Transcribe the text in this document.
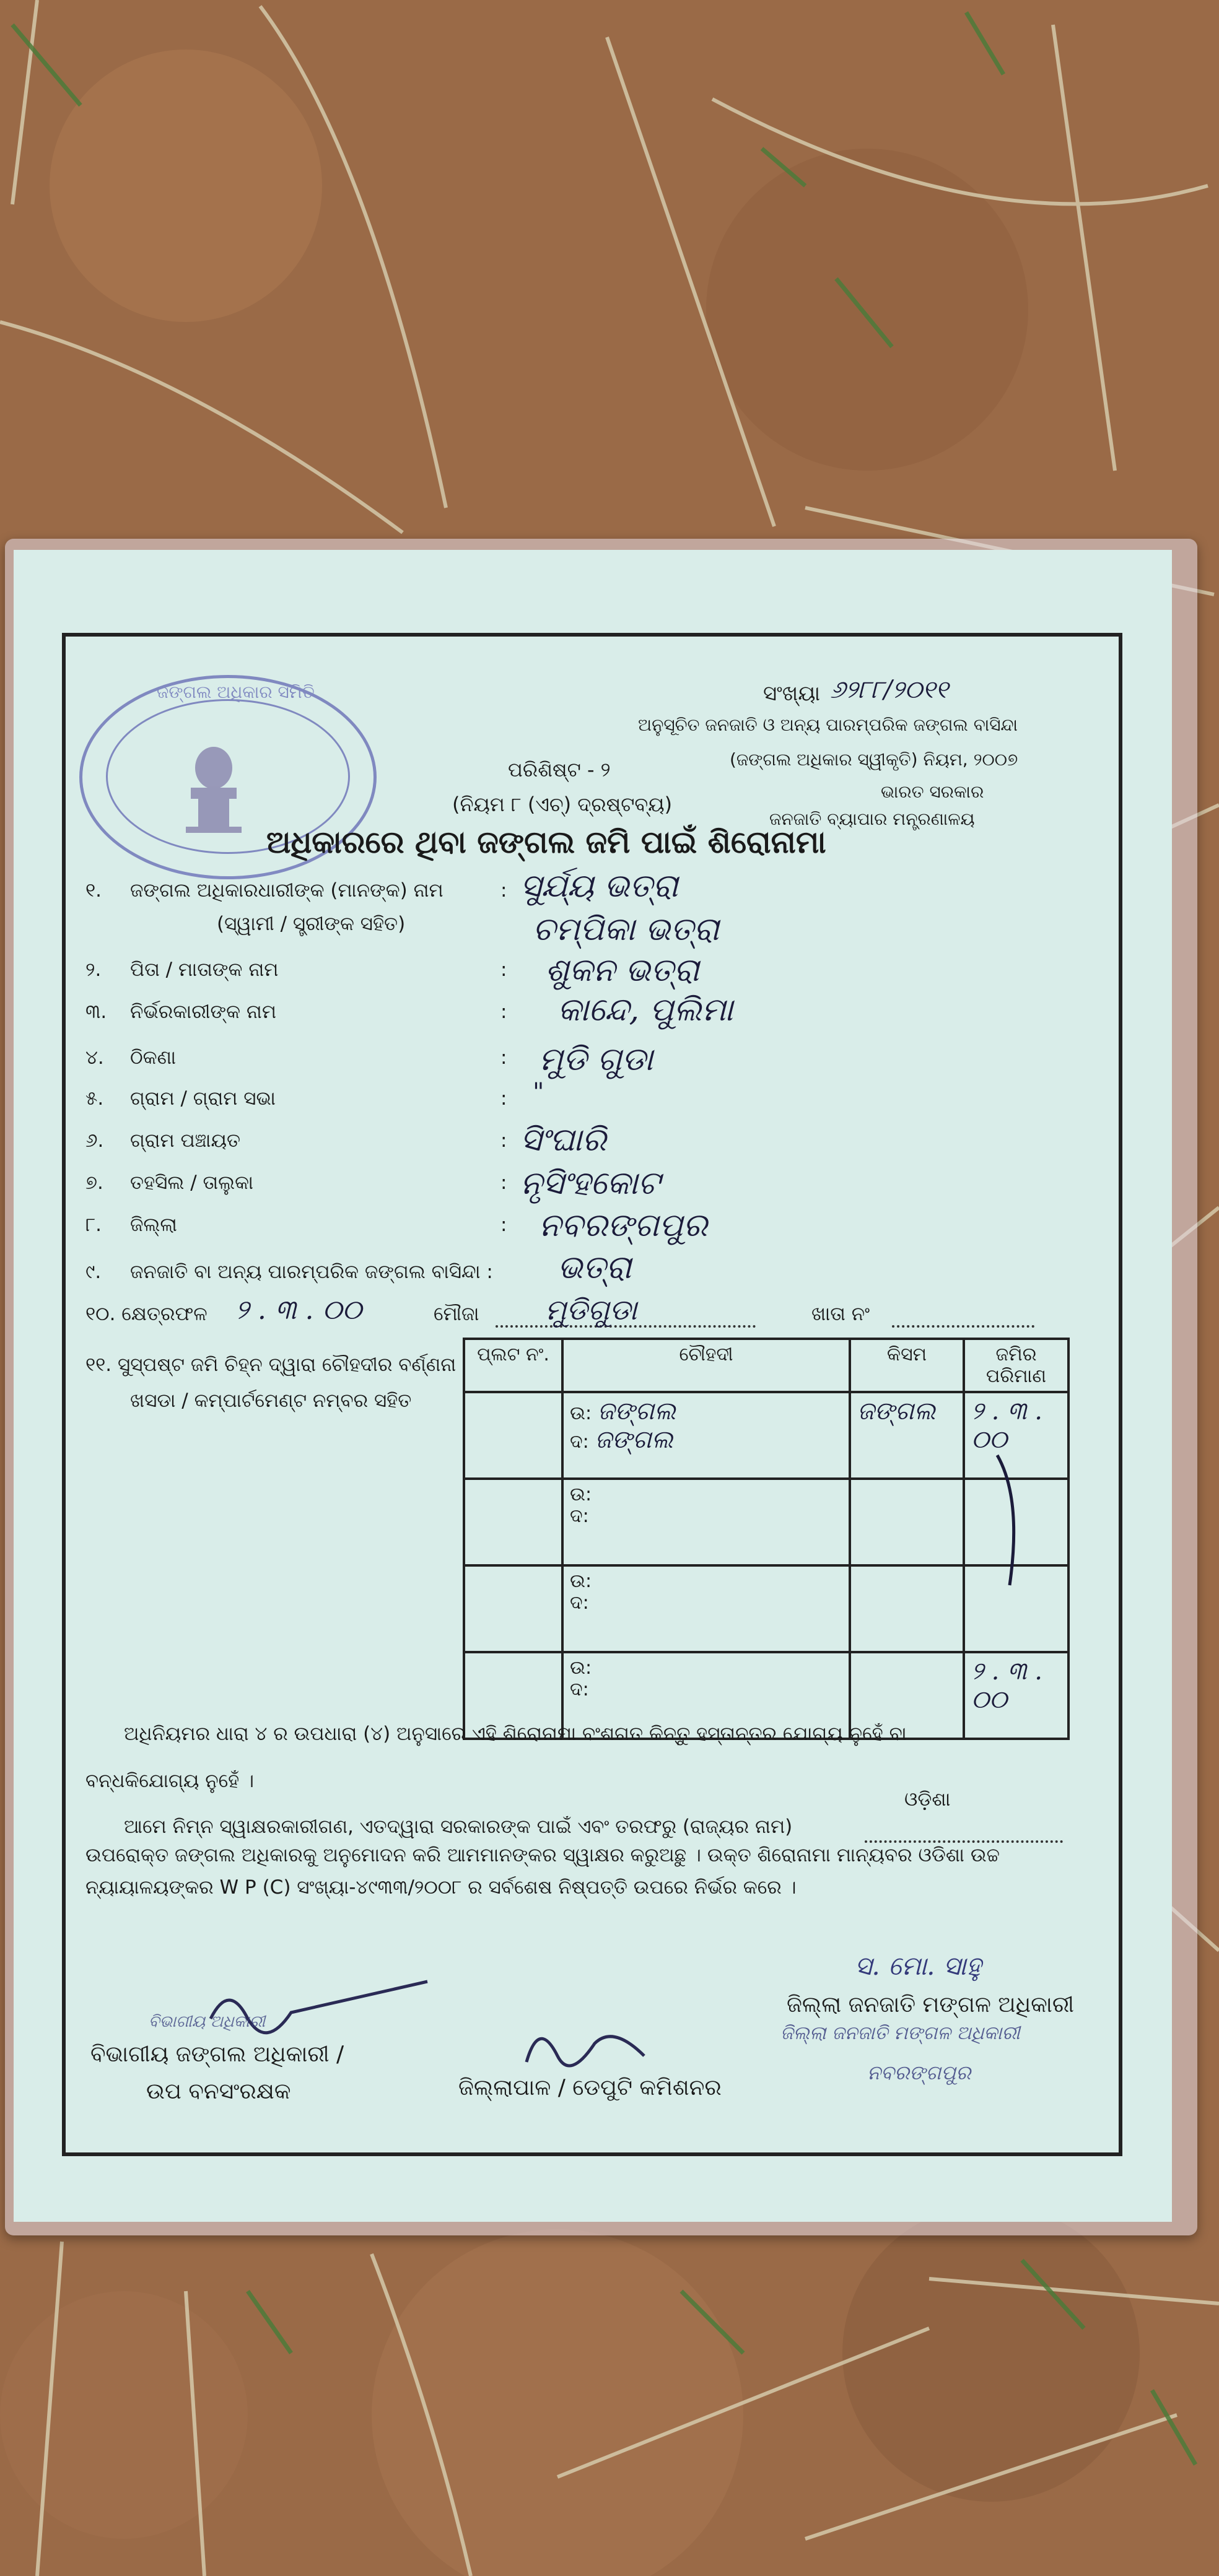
ଜଙ୍ଗଲ ଅଧିକାର ସମିତି	ସଂଖ୍ୟା ୬୨୮୮/୨୦୧୧
ଅନୁସୂଚିତ ଜନଜାତି ଓ ଅନ୍ୟ ପାରମ୍ପରିକ ଜଙ୍ଗଲ ବାସିନ୍ଦା
(ଜଙ୍ଗଲ ଅଧିକାର ସ୍ୱୀକୃତି) ନିୟମ, ୨୦୦୭
ଭାରତ ସରକାର
ଜନଜାତି ବ୍ୟାପାର ମନ୍ତ୍ରଣାଳୟ
ପରିଶିଷ୍ଟ - ୨
(ନିୟମ ୮ (ଏଚ୍) ଦ୍ରଷ୍ଟବ୍ୟ)
ଅଧିକାରରେ ଥିବା ଜଙ୍ଗଲ ଜମି ପାଇଁ ଶିରୋନାମା
୧. ଜଙ୍ଗଲ ଅଧିକାରଧାରୀଙ୍କ (ମାନଙ୍କ) ନାମ
(ସ୍ୱାମୀ / ସ୍ତ୍ରୀଙ୍କ ସହିତ)
: ସୁର୍ଯ୍ୟ ଭତ୍ରା
ଚମ୍ପିକା ଭତ୍ରା
୨. ପିତା / ମାତାଙ୍କ ନାମ	: ଶୁକନ ଭତ୍ରା
୩. ନିର୍ଭରକାରୀଙ୍କ ନାମ	: କାନ୍ଦେ, ପୁଲିମା
୪. ଠିକଣା	: ମୁଡି ଗୁଡା
୫. ଗ୍ରାମ / ଗ୍ରାମ ସଭା	: "
୬. ଗ୍ରାମ ପଞ୍ଚାୟତ	: ସିଂଘାରି
୭. ତହସିଲ / ତାଲୁକା	: ନୃସିଂହକୋଟ
୮. ଜିଲ୍ଲା	: ନବରଙ୍ଗପୁର
୯. ଜନଜାତି ବା ଅନ୍ୟ ପାରମ୍ପରିକ ଜଙ୍ଗଲ ବାସିନ୍ଦା : ଭତ୍ରା
୧୦. କ୍ଷେତ୍ରଫଳ ୨ . ୩ . ୦୦	ମୌଜା ମୁଡିଗୁଡା	ଖାତା ନଂ
୧୧. ସୁସ୍ପଷ୍ଟ ଜମି ଚିହ୍ନ ଦ୍ୱାରା ଚୌହଦୀର ବର୍ଣ୍ଣନା
ଖସଡା / କମ୍ପାର୍ଟମେଣ୍ଟ ନମ୍ବର ସହିତ
ପ୍ଲଟ ନଂ.	ଚୌହଦୀ	କିସମ	ଜମିର ପରିମାଣ

	ଉ: ଜଙ୍ଗଲ
ଦ: ଜଙ୍ଗଲ	ଜଙ୍ଗଲ	୨ . ୩ . ୦୦

	ଉ:
ଦ:		

	ଉ:
ଦ:		

	ଉ:
ଦ:		୨ . ୩ . ୦୦
ଅଧିନିୟମର ଧାରା ୪ ର ଉପଧାରା (୪) ଅନୁସାରେ ଏହି ଶିରୋନାମା ବଂଶଗତ କିନ୍ତୁ ହସ୍ତାନ୍ତର ଯୋଗ୍ୟ ନୁହେଁ ବା
ବନ୍ଧକିଯୋଗ୍ୟ ନୁହେଁ ।
ଆମେ ନିମ୍ନ ସ୍ୱାକ୍ଷରକାରୀଗଣ, ଏତଦ୍ୱାରା ସରକାରଙ୍କ ପାଇଁ ଏବଂ ତରଫରୁ (ରାଜ୍ୟର ନାମ)
ଓଡ଼ିଶା
ଉପରୋକ୍ତ ଜଙ୍ଗଲ ଅଧିକାରକୁ ଅନୁମୋଦନ କରି ଆମମାନଙ୍କର ସ୍ୱାକ୍ଷର କରୁଅଛୁ । ଉକ୍ତ ଶିରୋନାମା ମାନ୍ୟବର ଓଡିଶା ଉଚ୍ଚ
ନ୍ୟାୟାଳୟଙ୍କର W P (C) ସଂଖ୍ୟା-୪୯୩୩/୨୦୦୮ ର ସର୍ବଶେଷ ନିଷ୍ପତ୍ତି ଉପରେ ନିର୍ଭର କରେ ।
ବିଭାଗୀୟ ଅଧିକାରୀ
ବିଭାଗୀୟ ଜଙ୍ଗଲ ଅଧିକାରୀ /
ଉପ ବନସଂରକ୍ଷକ	ଜିଲ୍ଲାପାଳ / ଡେପୁଟି କମିଶନର
ସ. ମୋ. ସାହୁ
ଜିଲ୍ଲା ଜନଜାତି ମଙ୍ଗଳ ଅଧିକାରୀ
ଜିଲ୍ଲା ଜନଜାତି ମଙ୍ଗଳ ଅଧିକାରୀ
ନବରଙ୍ଗପୁର
